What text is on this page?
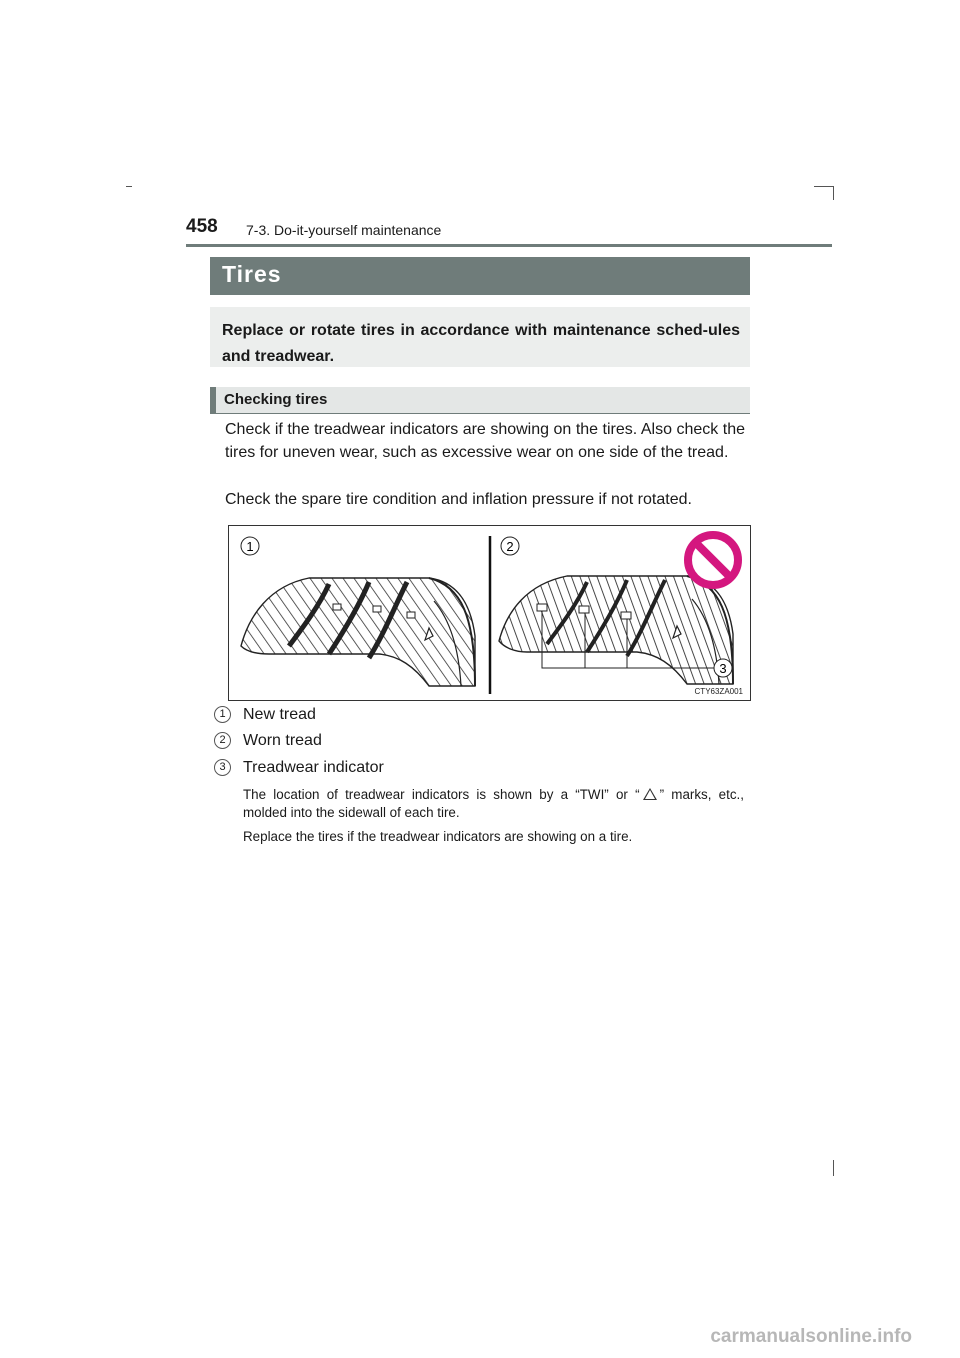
458 7-3. Do-it-yourself maintenance
Tires
Replace or rotate tires in accordance with maintenance sched-ules and treadwear.
Checking tires
Check if the treadwear indicators are showing on the tires. Also check the tires for uneven wear, such as excessive wear on one side of the tread.
Check the spare tire condition and inflation pressure if not rotated.
1	2
3
CTY63ZA001
1	New tread
2	Worn tread
3	Treadwear indicator
The location of treadwear indicators is shown by a “TWI” or “ ” marks, etc., molded into the sidewall of each tire.
Replace the tires if the treadwear indicators are showing on a tire.
carmanualsonline.info
